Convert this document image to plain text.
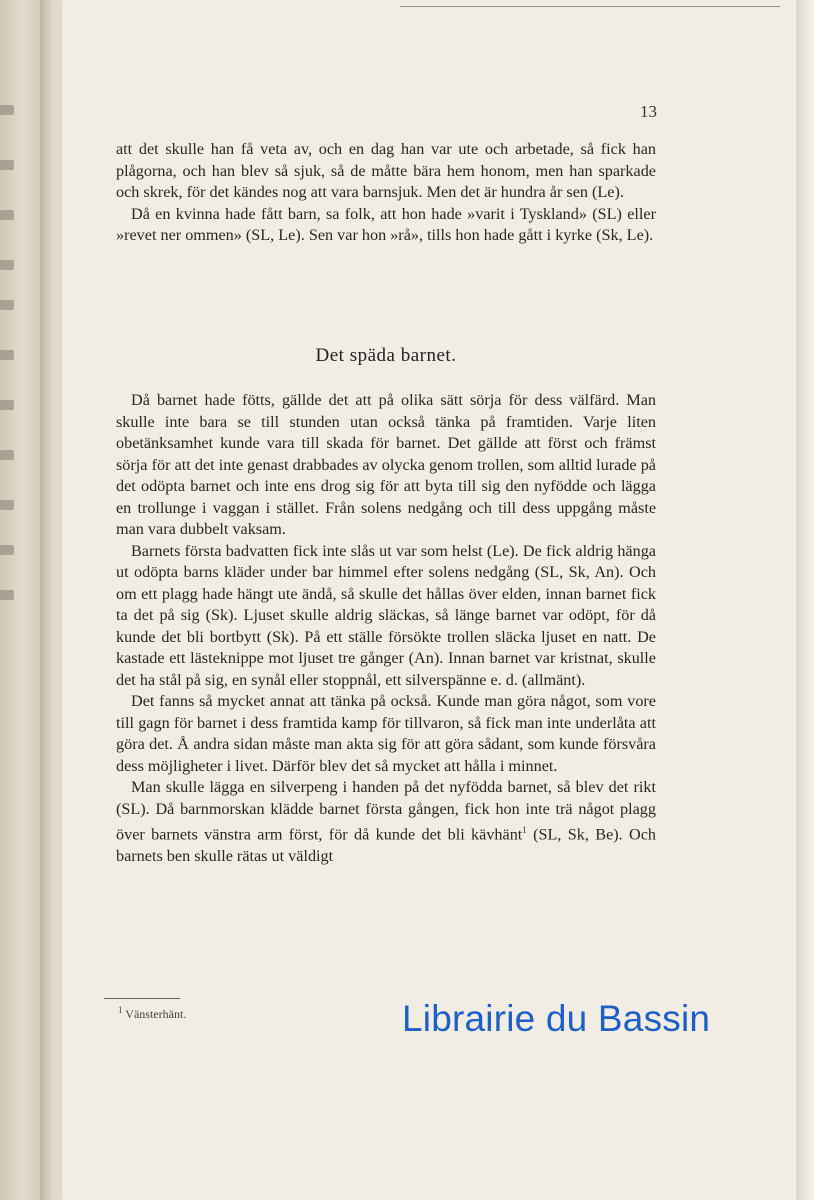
13

att det skulle han få veta av, och en dag han var ute och arbetade, så fick han plågorna, och han blev så sjuk, så de måtte bära hem honom, men han sparkade och skrek, för det kändes nog att vara barnsjuk. Men det är hundra år sen (Le).

Då en kvinna hade fått barn, sa folk, att hon hade »varit i Tyskland» (SL) eller »revet ner ommen» (SL, Le). Sen var hon »rå», tills hon hade gått i kyrke (Sk, Le).

Det späda barnet.

Då barnet hade fötts, gällde det att på olika sätt sörja för dess välfärd. Man skulle inte bara se till stunden utan också tänka på framtiden. Varje liten obetänksamhet kunde vara till skada för barnet. Det gällde att först och främst sörja för att det inte genast drabbades av olycka genom trollen, som alltid lurade på det odöpta barnet och inte ens drog sig för att byta till sig den nyfödde och lägga en trollunge i vaggan i stället. Från solens nedgång och till dess uppgång måste man vara dubbelt vaksam.

Barnets första badvatten fick inte slås ut var som helst (Le). De fick aldrig hänga ut odöpta barns kläder under bar himmel efter solens nedgång (SL, Sk, An). Och om ett plagg hade hängt ute ändå, så skulle det hållas över elden, innan barnet fick ta det på sig (Sk). Ljuset skulle aldrig släckas, så länge barnet var odöpt, för då kunde det bli bortbytt (Sk). På ett ställe försökte trollen släcka ljuset en natt. De kastade ett lästeknippe mot ljuset tre gånger (An). Innan barnet var kristnat, skulle det ha stål på sig, en synål eller stoppnål, ett silverspänne e. d. (allmänt).

Det fanns så mycket annat att tänka på också. Kunde man göra något, som vore till gagn för barnet i dess framtida kamp för tillvaron, så fick man inte underlåta att göra det. Å andra sidan måste man akta sig för att göra sådant, som kunde försvåra dess möjligheter i livet. Därför blev det så mycket att hålla i minnet.

Man skulle lägga en silverpeng i handen på det nyfödda barnet, så blev det rikt (SL). Då barnmorskan klädde barnet första gången, fick hon inte trä något plagg över barnets vänstra arm först, för då kunde det bli kävhänt$^1$ (SL, Sk, Be). Och barnets ben skulle rätas ut väldigt

$^1$ Vänsterhänt.	Librairie du Bassin
